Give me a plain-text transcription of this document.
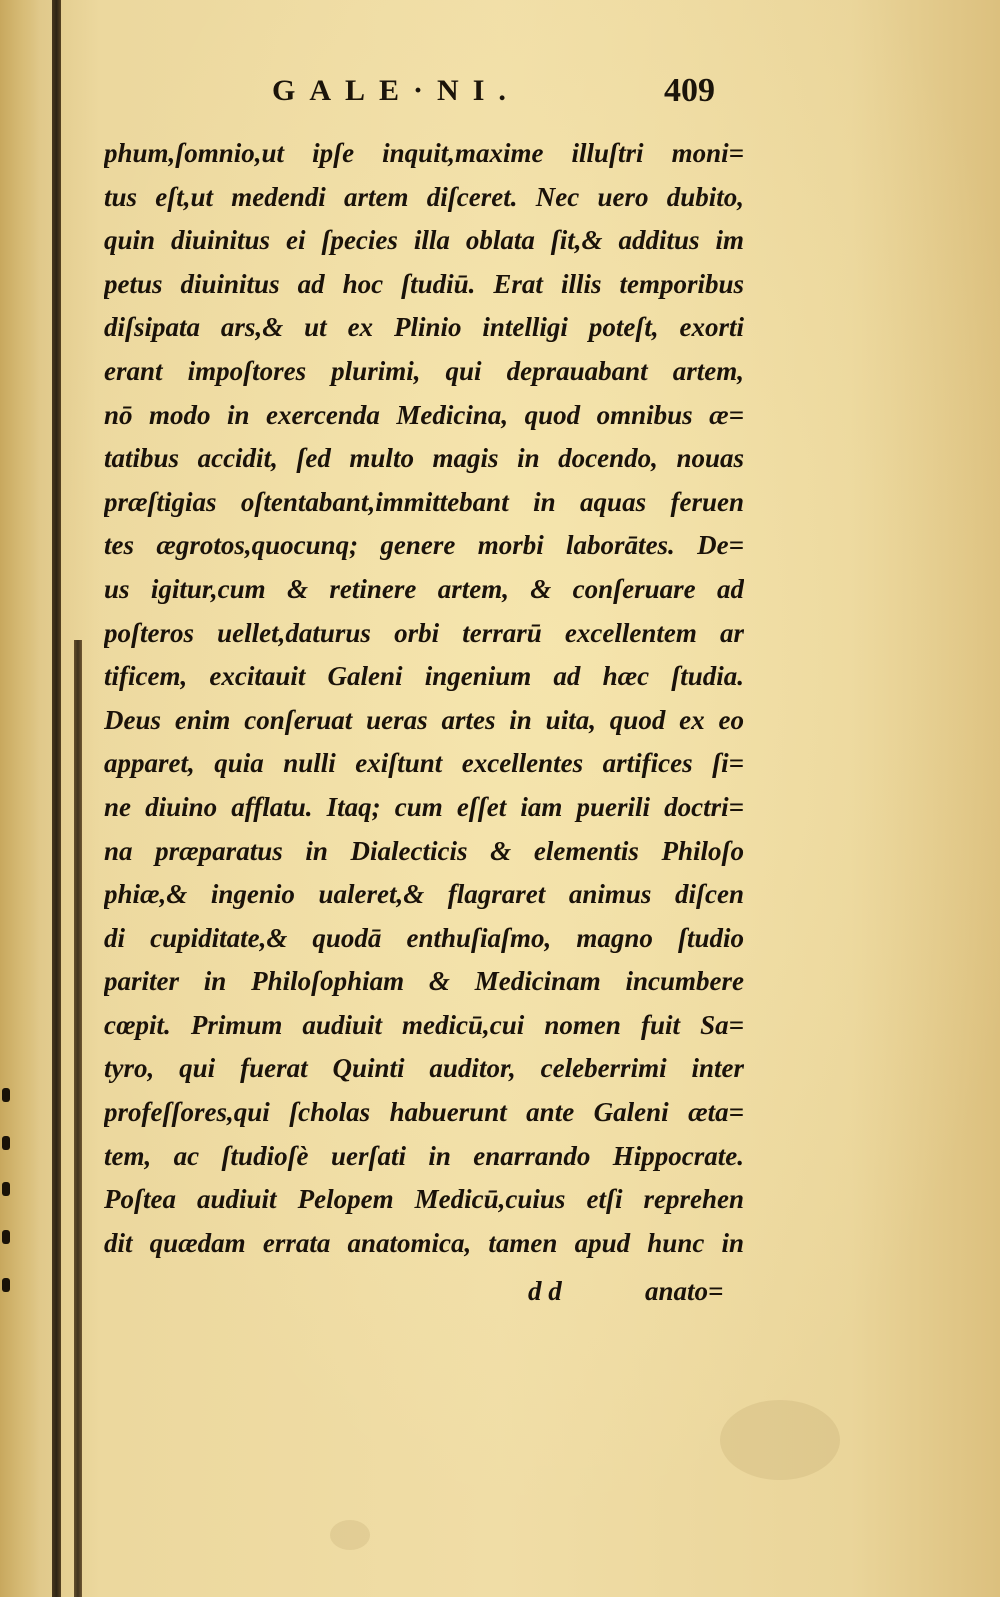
GALE·NI.	409
phum,ſomnio,ut ipſe inquit,maxime illuſtri moni=
tus eſt,ut medendi artem diſceret. Nec uero dubito,
quin diuinitus ei ſpecies illa oblata ſit,& additus im
petus diuinitus ad hoc ſtudiū. Erat illis temporibus
diſsipata ars,& ut ex Plinio intelligi poteſt, exorti
erant impoſtores plurimi, qui deprauabant artem,
nō modo in exercenda Medicina, quod omnibus æ=
tatibus accidit, ſed multo magis in docendo, nouas
præſtigias oſtentabant,immittebant in aquas feruen
tes ægrotos,quocunq; genere morbi laborātes. De=
us igitur,cum & retinere artem, & conſeruare ad
poſteros uellet,daturus orbi terrarū excellentem ar
tificem, excitauit Galeni ingenium ad hæc ſtudia.
Deus enim conſeruat ueras artes in uita, quod ex eo
apparet, quia nulli exiſtunt excellentes artifices ſi=
ne diuino afflatu. Itaq; cum eſſet iam puerili doctri=
na præparatus in Dialecticis & elementis Philoſo
phiæ,& ingenio ualeret,& flagraret animus diſcen
di cupiditate,& quodā enthuſiaſmo, magno ſtudio
pariter in Philoſophiam & Medicinam incumbere
cœpit. Primum audiuit medicū,cui nomen fuit Sa=
tyro, qui fuerat Quinti auditor, celeberrimi inter
profeſſores,qui ſcholas habuerunt ante Galeni æta=
tem, ac ſtudioſè uerſati in enarrando Hippocrate.
Poſtea audiuit Pelopem Medicū,cuius etſi reprehen
dit quædam errata anatomica, tamen apud hunc in
d d	anato=
